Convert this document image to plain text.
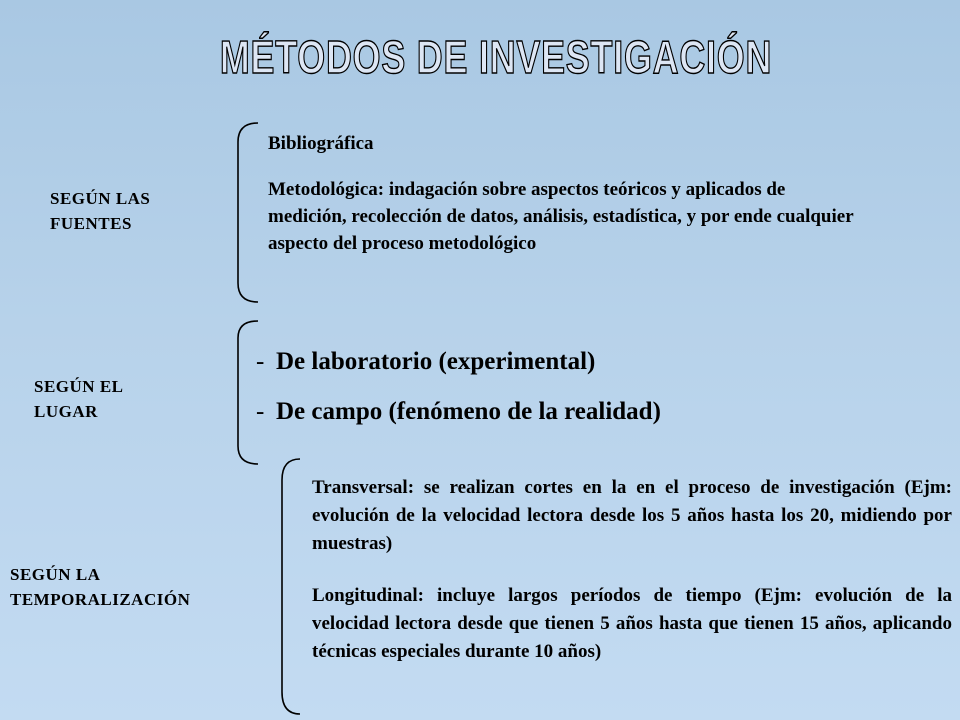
MÉTODOS DE INVESTIGACIÓN
SEGÚN LAS FUENTES
Bibliográfica
Metodológica: indagación sobre aspectos teóricos y aplicados de medición, recolección de datos, análisis, estadística, y por ende cualquier aspecto del proceso metodológico
SEGÚN EL LUGAR
- De laboratorio (experimental)
- De campo (fenómeno de la realidad)
SEGÚN LA TEMPORALIZACIÓN
Transversal: se realizan cortes en la en el proceso de investigación (Ejm: evolución de la velocidad lectora desde los 5 años hasta los 20, midiendo por muestras)
Longitudinal: incluye largos períodos de tiempo (Ejm: evolución de la velocidad lectora desde que tienen 5 años hasta que tienen 15 años, aplicando técnicas especiales durante 10 años)
